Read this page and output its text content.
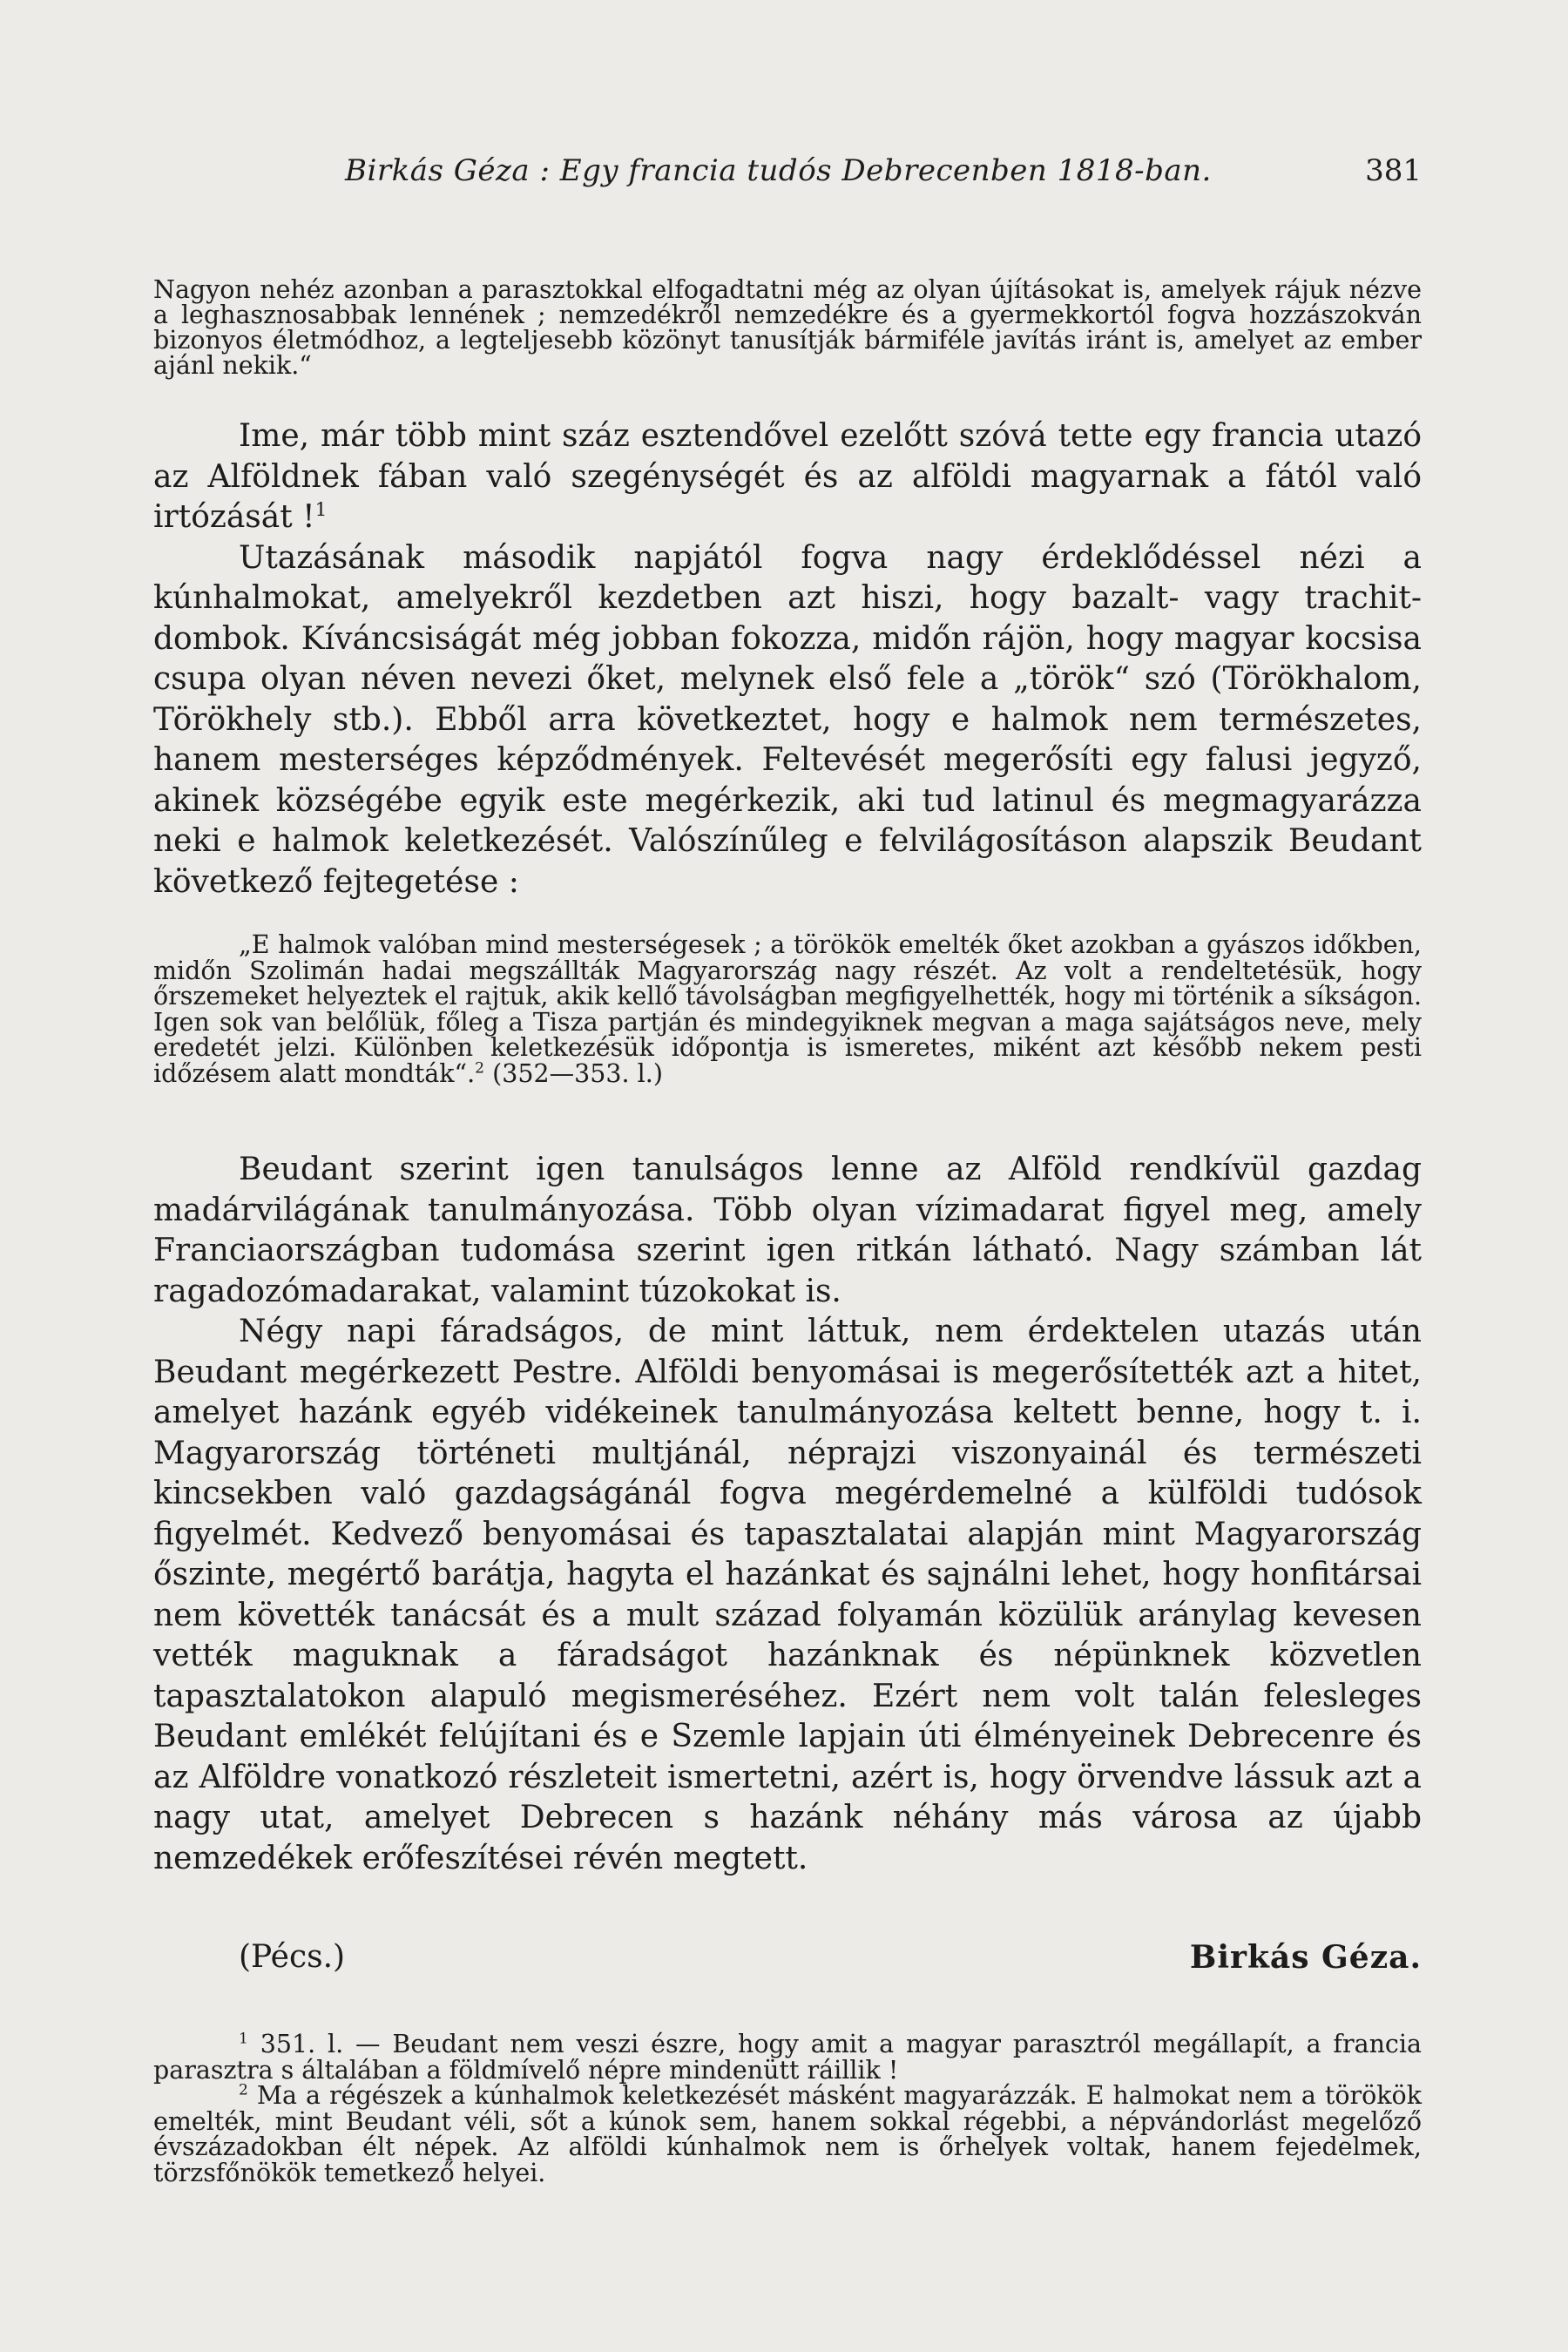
Birkás Géza : Egy francia tudós Debrecenben 1818-ban.	381

Nagyon nehéz azonban a parasztokkal elfogadtatni még az olyan újításokat is, amelyek rájuk nézve a leghasznosabbak lennének ; nemzedékről nemzedékre és a gyermekkortól fogva hozzászokván bizonyos életmódhoz, a legteljesebb közönyt tanusítják bármiféle javítás iránt is, amelyet az ember ajánl nekik.“

Ime, már több mint száz esztendővel ezelőtt szóvá tette egy francia utazó az Alföldnek fában való szegénységét és az alföldi magyarnak a fától való irtózását !$^1$

Utazásának második napjától fogva nagy érdeklődéssel nézi a kúnhalmokat, amelyekről kezdetben azt hiszi, hogy bazalt- vagy trachit-dombok. Kíváncsiságát még jobban fokozza, midőn rájön, hogy magyar kocsisa csupa olyan néven nevezi őket, melynek első fele a „török“ szó (Törökhalom, Törökhely stb.). Ebből arra következtet, hogy e halmok nem természetes, hanem mesterséges képződmények. Feltevését megerősíti egy falusi jegyző, akinek községébe egyik este megérkezik, aki tud latinul és megmagyarázza neki e halmok keletkezését. Valószínűleg e felvilágosításon alapszik Beudant következő fejtegetése :

„E halmok valóban mind mesterségesek ; a törökök emelték őket azokban a gyászos időkben, midőn Szolimán hadai megszállták Magyarország nagy részét. Az volt a rendeltetésük, hogy őrszemeket helyeztek el rajtuk, akik kellő távolságban megfigyelhették, hogy mi történik a síkságon. Igen sok van belőlük, főleg a Tisza partján és mindegyiknek megvan a maga sajátságos neve, mely eredetét jelzi. Különben keletkezésük időpontja is ismeretes, miként azt később nekem pesti időzésem alatt mondták“.$^2$ (352—353. l.)

Beudant szerint igen tanulságos lenne az Alföld rendkívül gazdag madárvilágának tanulmányozása. Több olyan vízimadarat figyel meg, amely Franciaországban tudomása szerint igen ritkán látható. Nagy számban lát ragadozómadarakat, valamint túzokokat is.

Négy napi fáradságos, de mint láttuk, nem érdektelen utazás után Beudant megérkezett Pestre. Alföldi benyomásai is megerősítették azt a hitet, amelyet hazánk egyéb vidékeinek tanulmányozása keltett benne, hogy t. i. Magyarország történeti multjánál, néprajzi viszonyainál és természeti kincsekben való gazdagságánál fogva megérdemelné a külföldi tudósok figyelmét. Kedvező benyomásai és tapasztalatai alapján mint Magyarország őszinte, megértő barátja, hagyta el hazánkat és sajnálni lehet, hogy honfitársai nem követték tanácsát és a mult század folyamán közülük aránylag kevesen vették maguknak a fáradságot hazánknak és népünknek közvetlen tapasztalatokon alapuló megismeréséhez. Ezért nem volt talán felesleges Beudant emlékét felújítani és e Szemle lapjain úti élményeinek Debrecenre és az Alföldre vonatkozó részleteit ismertetni, azért is, hogy örvendve lássuk azt a nagy utat, amelyet Debrecen s hazánk néhány más városa az újabb nemzedékek erőfeszítései révén megtett.

(Pécs.)	Birkás Géza.

$^1$ 351. l. — Beudant nem veszi észre, hogy amit a magyar parasztról megállapít, a francia parasztra s általában a földmívelő népre mindenütt ráillik !

$^2$ Ma a régészek a kúnhalmok keletkezését másként magyarázzák. E halmokat nem a törökök emelték, mint Beudant véli, sőt a kúnok sem, hanem sokkal régebbi, a népvándorlást megelőző évszázadokban élt népek. Az alföldi kúnhalmok nem is őrhelyek voltak, hanem fejedelmek, törzsfőnökök temetkező helyei.
